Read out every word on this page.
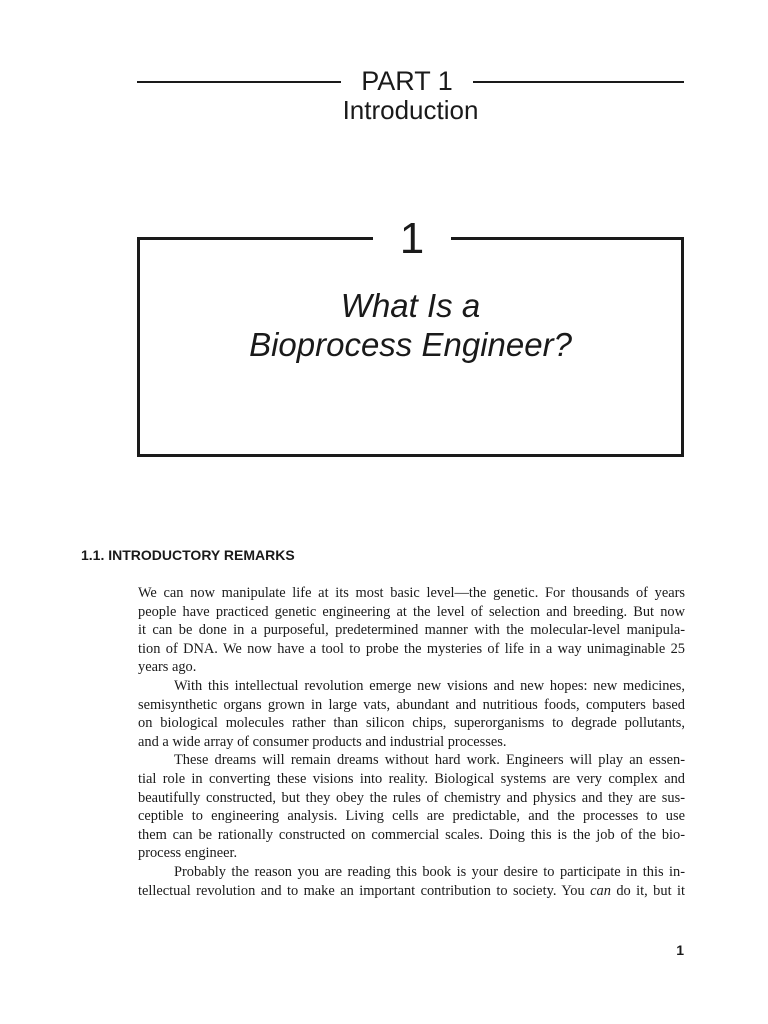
PART 1
Introduction
1
What Is a
Bioprocess Engineer?
1.1. INTRODUCTORY REMARKS
We can now manipulate life at its most basic level—the genetic. For thousands of years
people have practiced genetic engineering at the level of selection and breeding. But now
it can be done in a purposeful, predetermined manner with the molecular-level manipula-
tion of DNA. We now have a tool to probe the mysteries of life in a way unimaginable 25
years ago.
With this intellectual revolution emerge new visions and new hopes: new medicines,
semisynthetic organs grown in large vats, abundant and nutritious foods, computers based
on biological molecules rather than silicon chips, superorganisms to degrade pollutants,
and a wide array of consumer products and industrial processes.
These dreams will remain dreams without hard work. Engineers will play an essen-
tial role in converting these visions into reality. Biological systems are very complex and
beautifully constructed, but they obey the rules of chemistry and physics and they are sus-
ceptible to engineering analysis. Living cells are predictable, and the processes to use
them can be rationally constructed on commercial scales. Doing this is the job of the bio-
process engineer.
Probably the reason you are reading this book is your desire to participate in this in-
tellectual revolution and to make an important contribution to society. You can do it, but it
1
